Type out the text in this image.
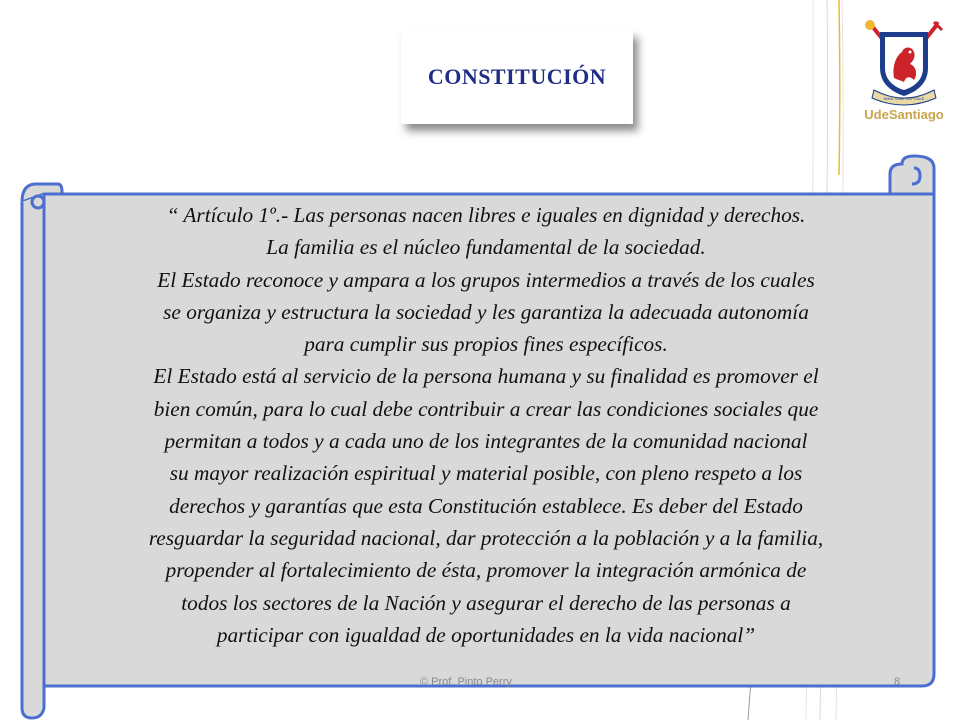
CONSTITUCIÓN
NIHIL SINE CAPITALE
UdeSantiago
“ Artículo 1º.- Las personas nacen libres e iguales en dignidad y derechos.
La familia es el núcleo fundamental de la sociedad.
El Estado reconoce y ampara a los grupos intermedios a través de los cuales
se organiza y estructura la sociedad y les garantiza la adecuada autonomía
para cumplir sus propios fines específicos.
El Estado está al servicio de la persona humana y su finalidad es promover el
bien común, para lo cual debe contribuir a crear las condiciones sociales que
permitan a todos y a cada uno de los integrantes de la comunidad nacional
su mayor realización espiritual y material posible, con pleno respeto a los
derechos y garantías que esta Constitución establece. Es deber del Estado
resguardar la seguridad nacional, dar protección a la población y a la familia,
propender al fortalecimiento de ésta, promover la integración armónica de
todos los sectores de la Nación y asegurar el derecho de las personas a
participar con igualdad de oportunidades en la vida nacional”
© Prof. Pinto Perry	8
